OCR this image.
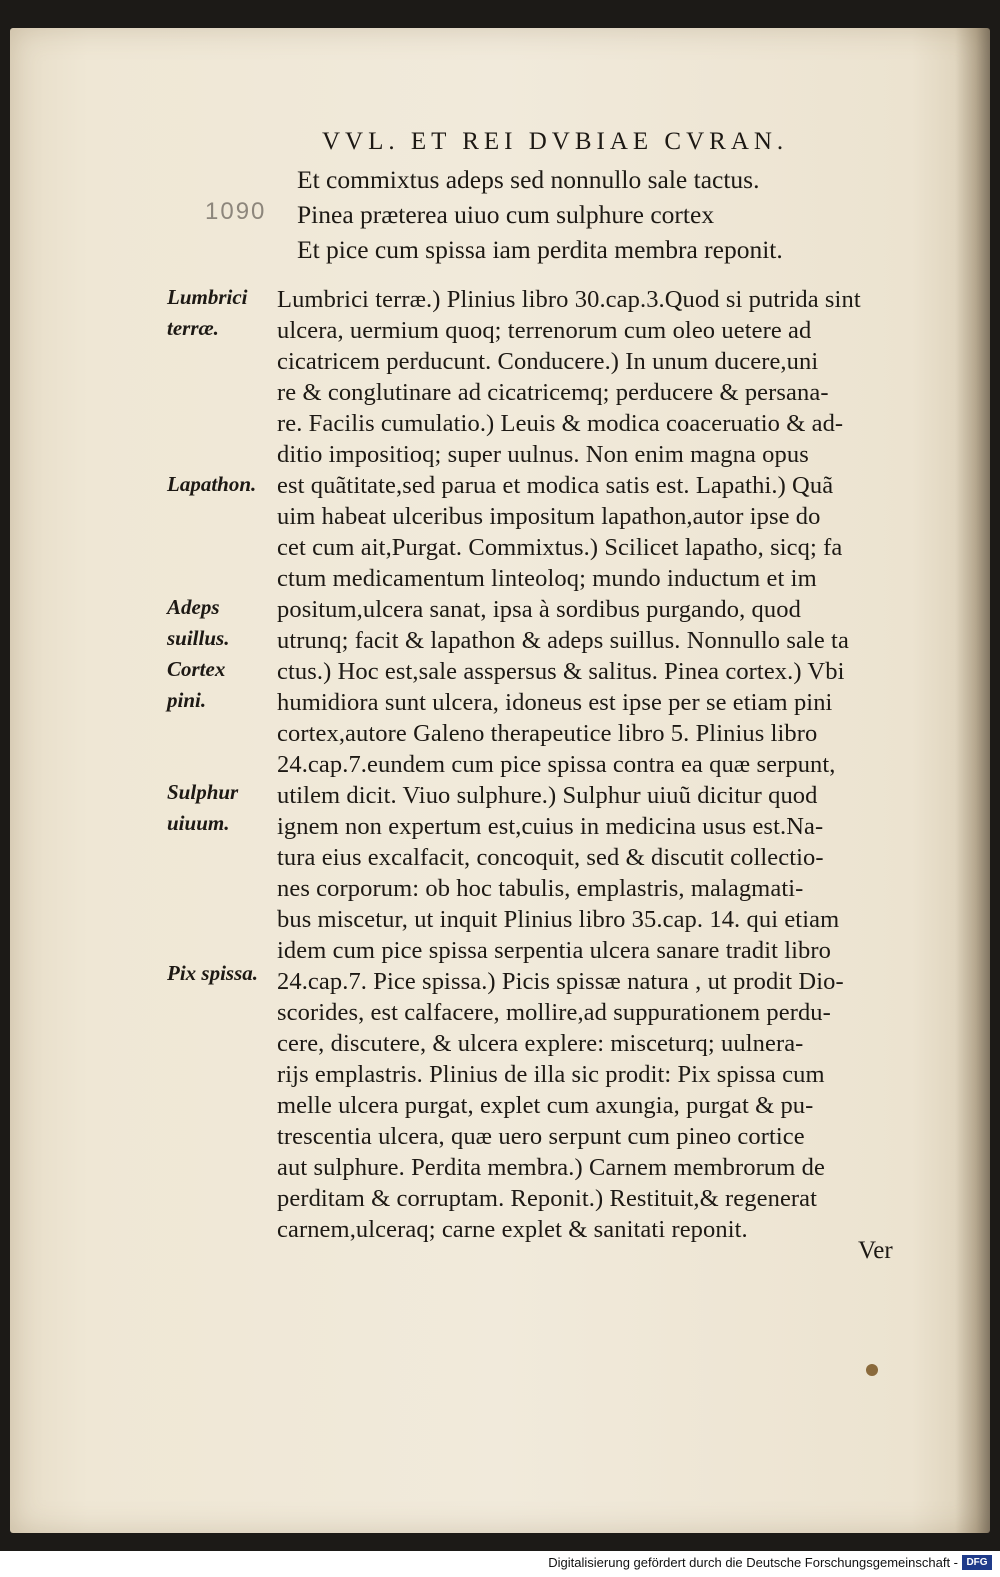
VVL. ET REI DVBIAE CVRAN.
1090
Et commixtus adeps sed nonnullo sale tactus.
Pinea præterea uiuo cum sulphure cortex
Et pice cum spissa iam perdita membra reponit.
Lumbrici
terræ.
Lapathon.
Adeps
suillus.
Cortex
pini.
Sulphur
uiuum.
Pix spissa.
Lumbrici terræ.) Plinius libro 30.cap.3.Quod si putrida sint
ulcera, uermium quoq; terrenorum cum oleo uetere ad
cicatricem perducunt. Conducere.) In unum ducere,uni
re & conglutinare ad cicatricemq; perducere & persana-
re. Facilis cumulatio.) Leuis & modica coaceruatio & ad-
ditio impositioq; super uulnus. Non enim magna opus
est quãtitate,sed parua et modica satis est. Lapathi.) Quã
uim habeat ulceribus impositum lapathon,autor ipse do
cet cum ait,Purgat. Commixtus.) Scilicet lapatho, sicq; fa
ctum medicamentum linteoloq; mundo inductum et im
positum,ulcera sanat, ipsa à sordibus purgando, quod
utrunq; facit & lapathon & adeps suillus. Nonnullo sale ta
ctus.) Hoc est,sale asspersus & salitus. Pinea cortex.) Vbi
humidiora sunt ulcera, idoneus est ipse per se etiam pini
cortex,autore Galeno therapeutice libro 5. Plinius libro
24.cap.7.eundem cum pice spissa contra ea quæ serpunt,
utilem dicit. Viuo sulphure.) Sulphur uiuũ dicitur quod
ignem non expertum est,cuius in medicina usus est.Na-
tura eius excalfacit, concoquit, sed & discutit collectio-
nes corporum: ob hoc tabulis, emplastris, malagmati-
bus miscetur, ut inquit Plinius libro 35.cap. 14. qui etiam
idem cum pice spissa serpentia ulcera sanare tradit libro
24.cap.7. Pice spissa.) Picis spissæ natura , ut prodit Dio-
scorides, est calfacere, mollire,ad suppurationem perdu-
cere, discutere, & ulcera explere: misceturq; uulnera-
rijs emplastris. Plinius de illa sic prodit: Pix spissa cum
melle ulcera purgat, explet cum axungia, purgat & pu-
trescentia ulcera, quæ uero serpunt cum pineo cortice
aut sulphure. Perdita membra.) Carnem membrorum de
perditam & corruptam. Reponit.) Restituit,& regenerat
carnem,ulceraq; carne explet & sanitati reponit.
Ver
Digitalisierung gefördert durch die Deutsche Forschungsgemeinschaft - DFG
